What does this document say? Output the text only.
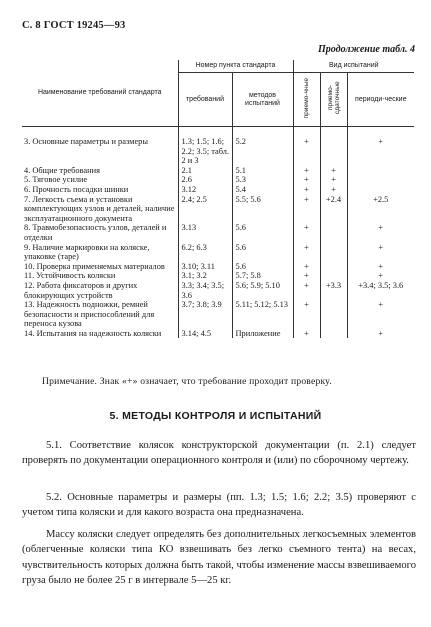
С. 8 ГОСТ 19245—93
Продолжение табл. 4
Наименование требований стандарта	Номер пункта стандарта		Вид испытаний		
	требований	методов испытаний	приемо-чные	приемо-сдаточные	периоди-ческие
3. Основные параметры и размеры	1.3; 1.5; 1.6; 2.2; 3.5; табл. 2 и 3	5.2	+		+
4. Общие требования	2.1	5.1	+	+	
5. Тяговое усилие	2.6	5.3	+	+	
6. Прочность посадки шинки	3.12	5.4	+	+	
7. Легкость съема и установки комплектующих узлов и деталей, наличие эксплуатационного документа	2.4; 2.5	5.5; 5.6	+	+2.4	+2.5
8. Травмобезопасность узлов, деталей и отделки	3.13	5.6	+		+
9. Наличие маркировки на коляске, упаковке (таре)	6.2; 6.3	5.6	+		+
10. Проверка применяемых материалов	3.10; 3.11	5.6	+		+
11. Устойчивость коляски	3.1; 3.2	5.7; 5.8	+		+
12. Работа фиксаторов и других блокирующих устройств	3.3; 3.4; 3.5; 3.6	5.6; 5.9; 5.10	+	+3.3	+3.4; 3.5; 3.6
13. Надежность подножки, ремней безопасности и приспособлений для переноса кузова	3.7; 3.8; 3.9	5.11; 5.12; 5.13	+		+
14. Испытания на надежность коляски	3.14; 4.5	Приложение	+		+
Примечание. Знак «+» означает, что требование проходит проверку.
5. МЕТОДЫ КОНТРОЛЯ И ИСПЫТАНИЙ
5.1. Соответствие колясок конструкторской документации (п. 2.1) следует проверять по документации операционного контроля и (или) по сборочному чертежу.
5.2. Основные параметры и размеры (пп. 1.3; 1.5; 1.6; 2.2; 3.5) проверяют с учетом типа коляски и для какого возраста она предназначена.
Массу коляски следует определять без дополнительных легкосъемных элементов (облегченные коляски типа КО взвешивать без легко съемного тента) на весах, чувствительность которых должна быть такой, чтобы изменение массы взвешиваемого груза было не более 25 г в интервале 5—25 кг.
